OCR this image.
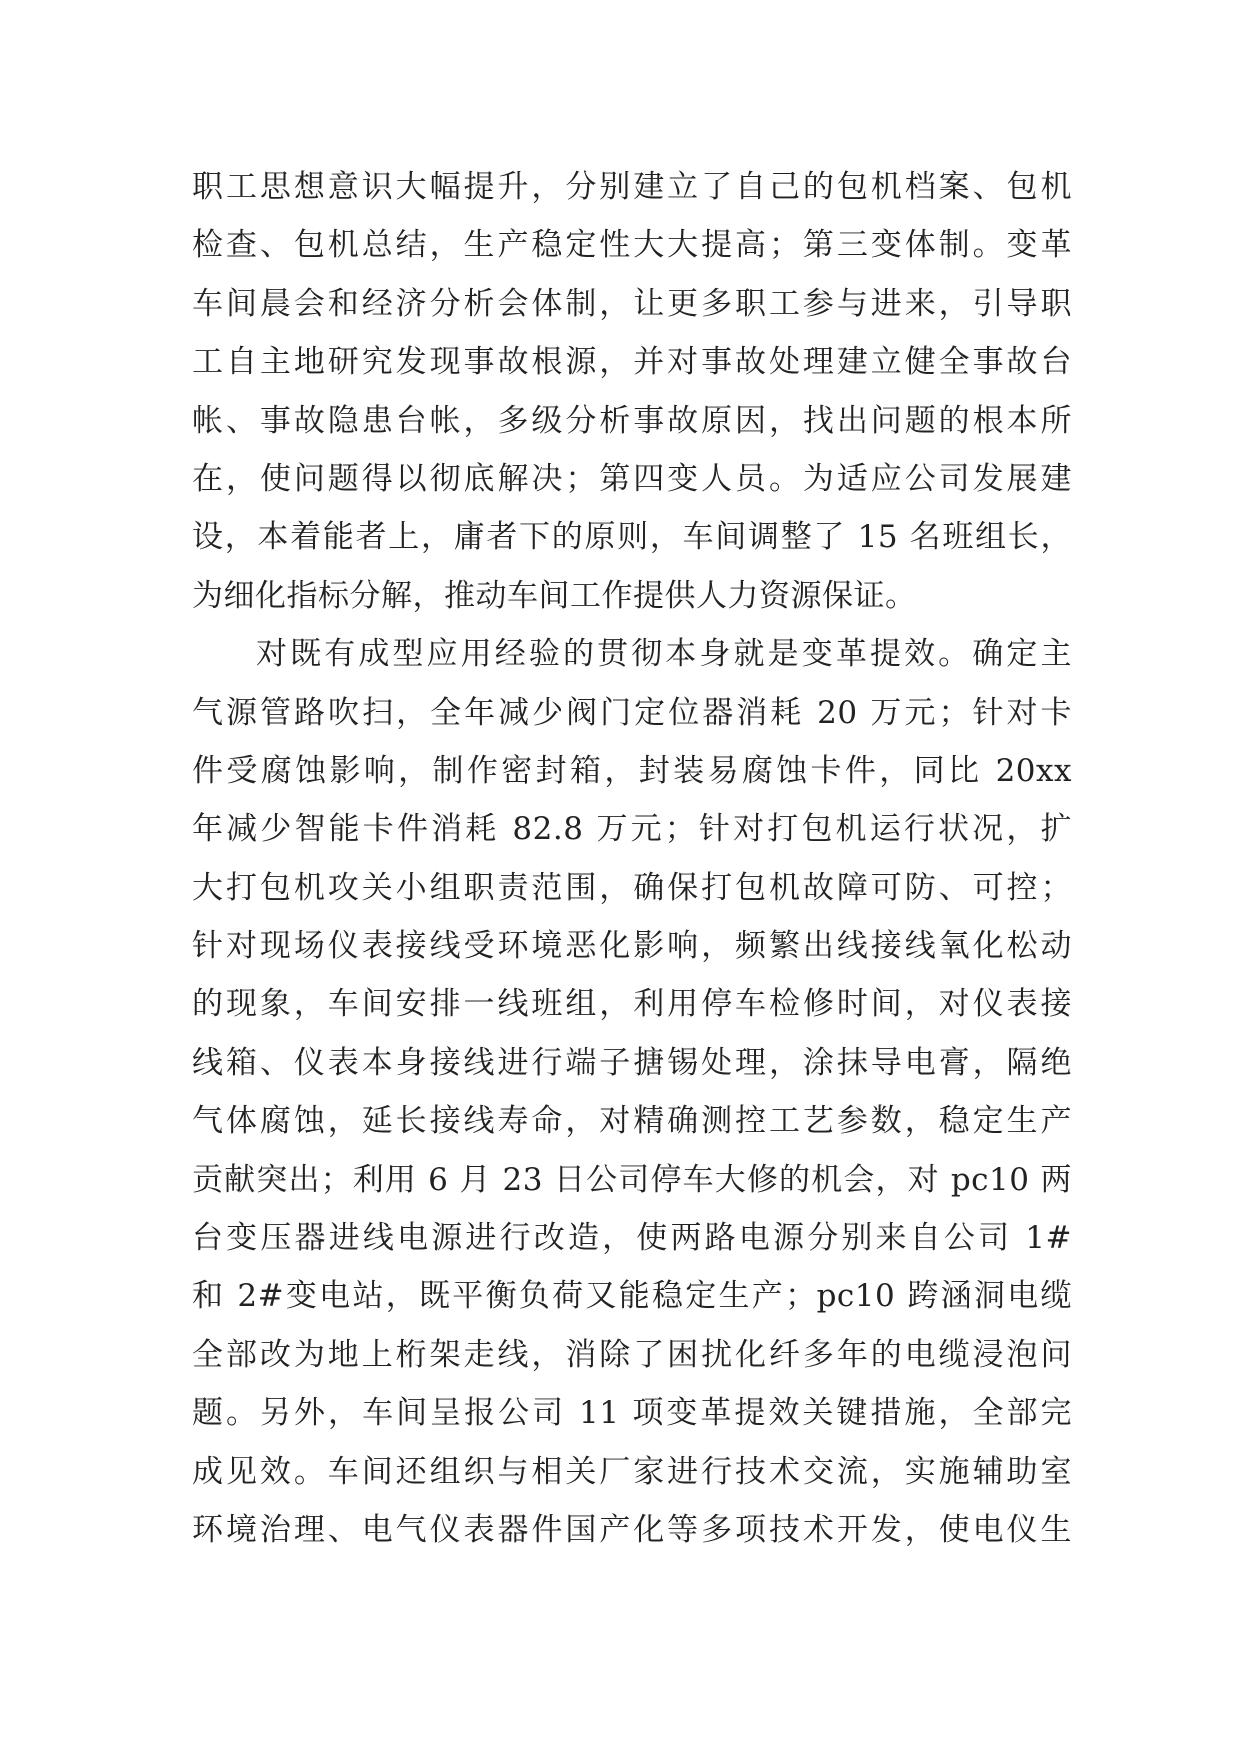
职工思想意识大幅提升，分别建立了自己的包机档案、包机
检查、包机总结，生产稳定性大大提高；第三变体制。变革
车间晨会和经济分析会体制，让更多职工参与进来，引导职
工自主地研究发现事故根源，并对事故处理建立健全事故台
帐、事故隐患台帐，多级分析事故原因，找出问题的根本所
在，使问题得以彻底解决；第四变人员。为适应公司发展建
设，本着能者上，庸者下的原则，车间调整了 15 名班组长，
为细化指标分解，推动车间工作提供人力资源保证。
对既有成型应用经验的贯彻本身就是变革提效。确定主
气源管路吹扫，全年减少阀门定位器消耗 20 万元；针对卡
件受腐蚀影响，制作密封箱，封装易腐蚀卡件，同比 20xx
年减少智能卡件消耗 82.8 万元；针对打包机运行状况，扩
大打包机攻关小组职责范围，确保打包机故障可防、可控；
针对现场仪表接线受环境恶化影响，频繁出线接线氧化松动
的现象，车间安排一线班组，利用停车检修时间，对仪表接
线箱、仪表本身接线进行端子搪锡处理，涂抹导电膏，隔绝
气体腐蚀，延长接线寿命，对精确测控工艺参数，稳定生产
贡献突出；利用 6 月 23 日公司停车大修的机会，对 pc10 两
台变压器进线电源进行改造，使两路电源分别来自公司 1#
和 2#变电站，既平衡负荷又能稳定生产；pc10 跨涵洞电缆
全部改为地上桁架走线，消除了困扰化纤多年的电缆浸泡问
题。另外，车间呈报公司 11 项变革提效关键措施，全部完
成见效。车间还组织与相关厂家进行技术交流，实施辅助室
环境治理、电气仪表器件国产化等多项技术开发，使电仪生
